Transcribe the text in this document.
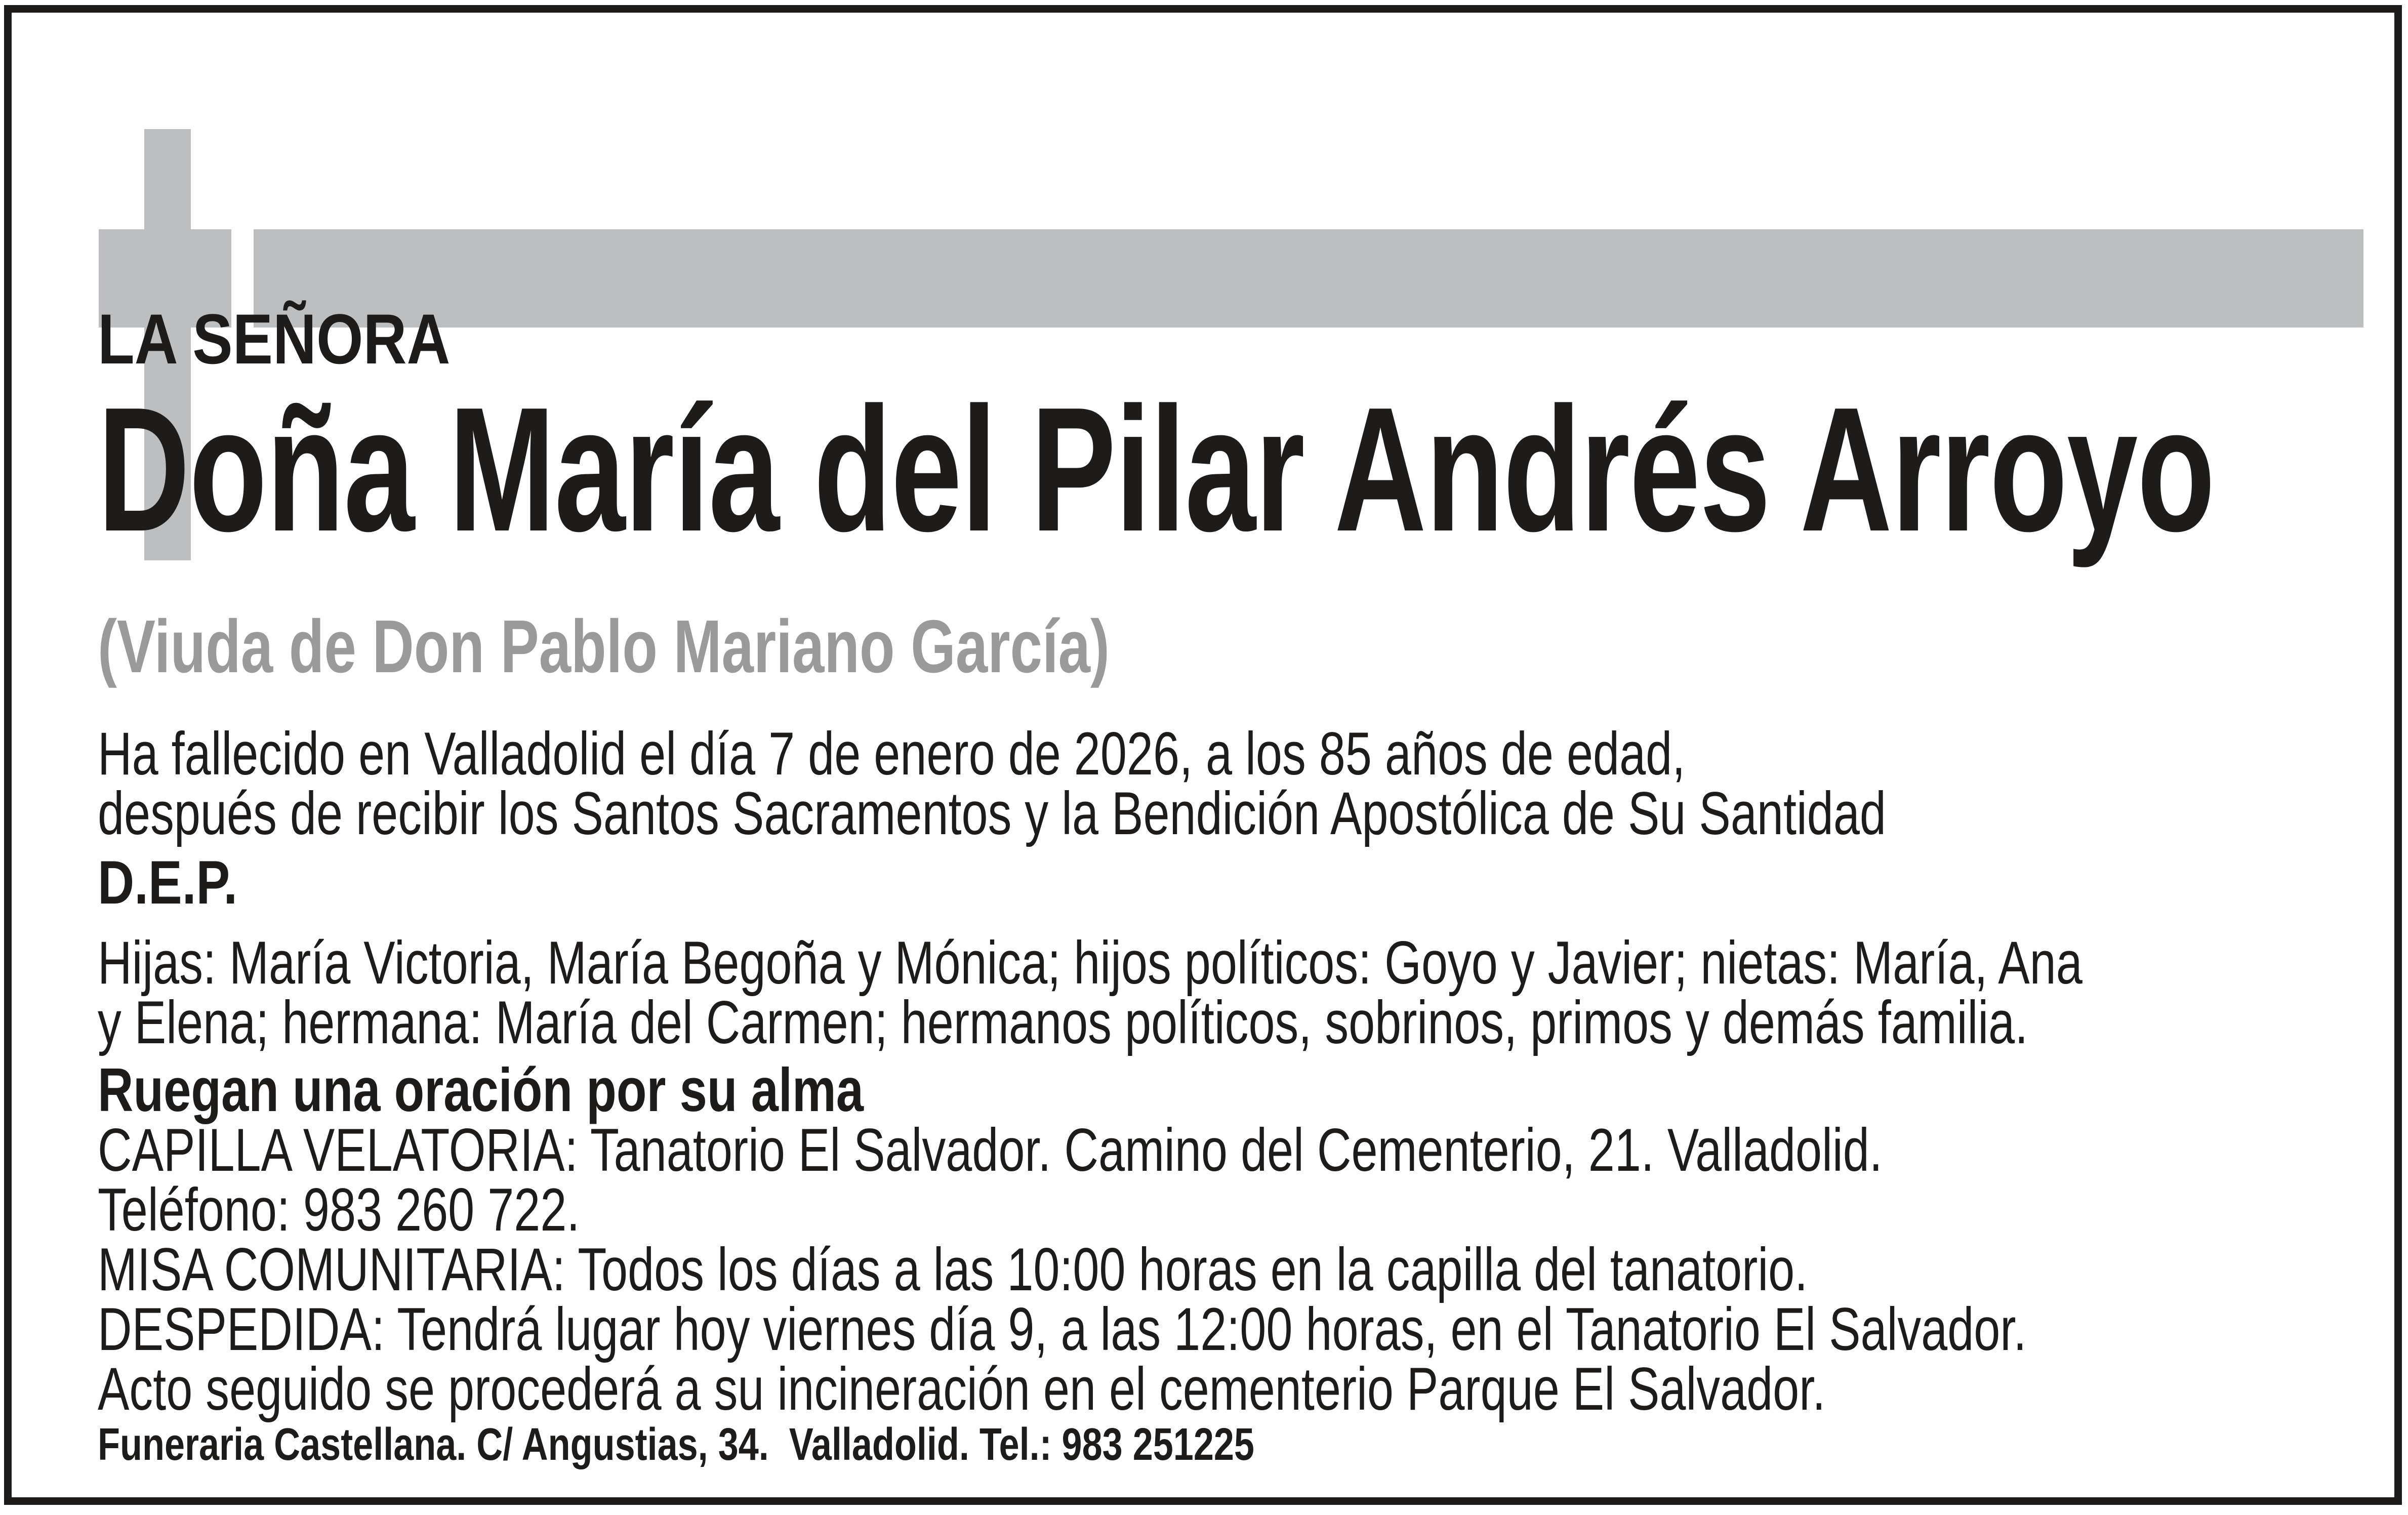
LA SEÑORA
Doña María del Pilar Andrés Arroyo
(Viuda de Don Pablo Mariano García)
Ha fallecido en Valladolid el día 7 de enero de 2026, a los 85 años de edad,
después de recibir los Santos Sacramentos y la Bendición Apostólica de Su Santidad
D.E.P.
Hijas: María Victoria, María Begoña y Mónica; hijos políticos: Goyo y Javier; nietas: María, Ana
y Elena; hermana: María del Carmen; hermanos políticos, sobrinos, primos y demás familia.
Ruegan una oración por su alma
CAPILLA VELATORIA: Tanatorio El Salvador. Camino del Cementerio, 21. Valladolid.
Teléfono: 983 260 722.
MISA COMUNITARIA: Todos los días a las 10:00 horas en la capilla del tanatorio.
DESPEDIDA: Tendrá lugar hoy viernes día 9, a las 12:00 horas, en el Tanatorio El Salvador.
Acto seguido se procederá a su incineración en el cementerio Parque El Salvador.
Funeraria Castellana. C/ Angustias, 34.  Valladolid. Tel.: 983 251225
